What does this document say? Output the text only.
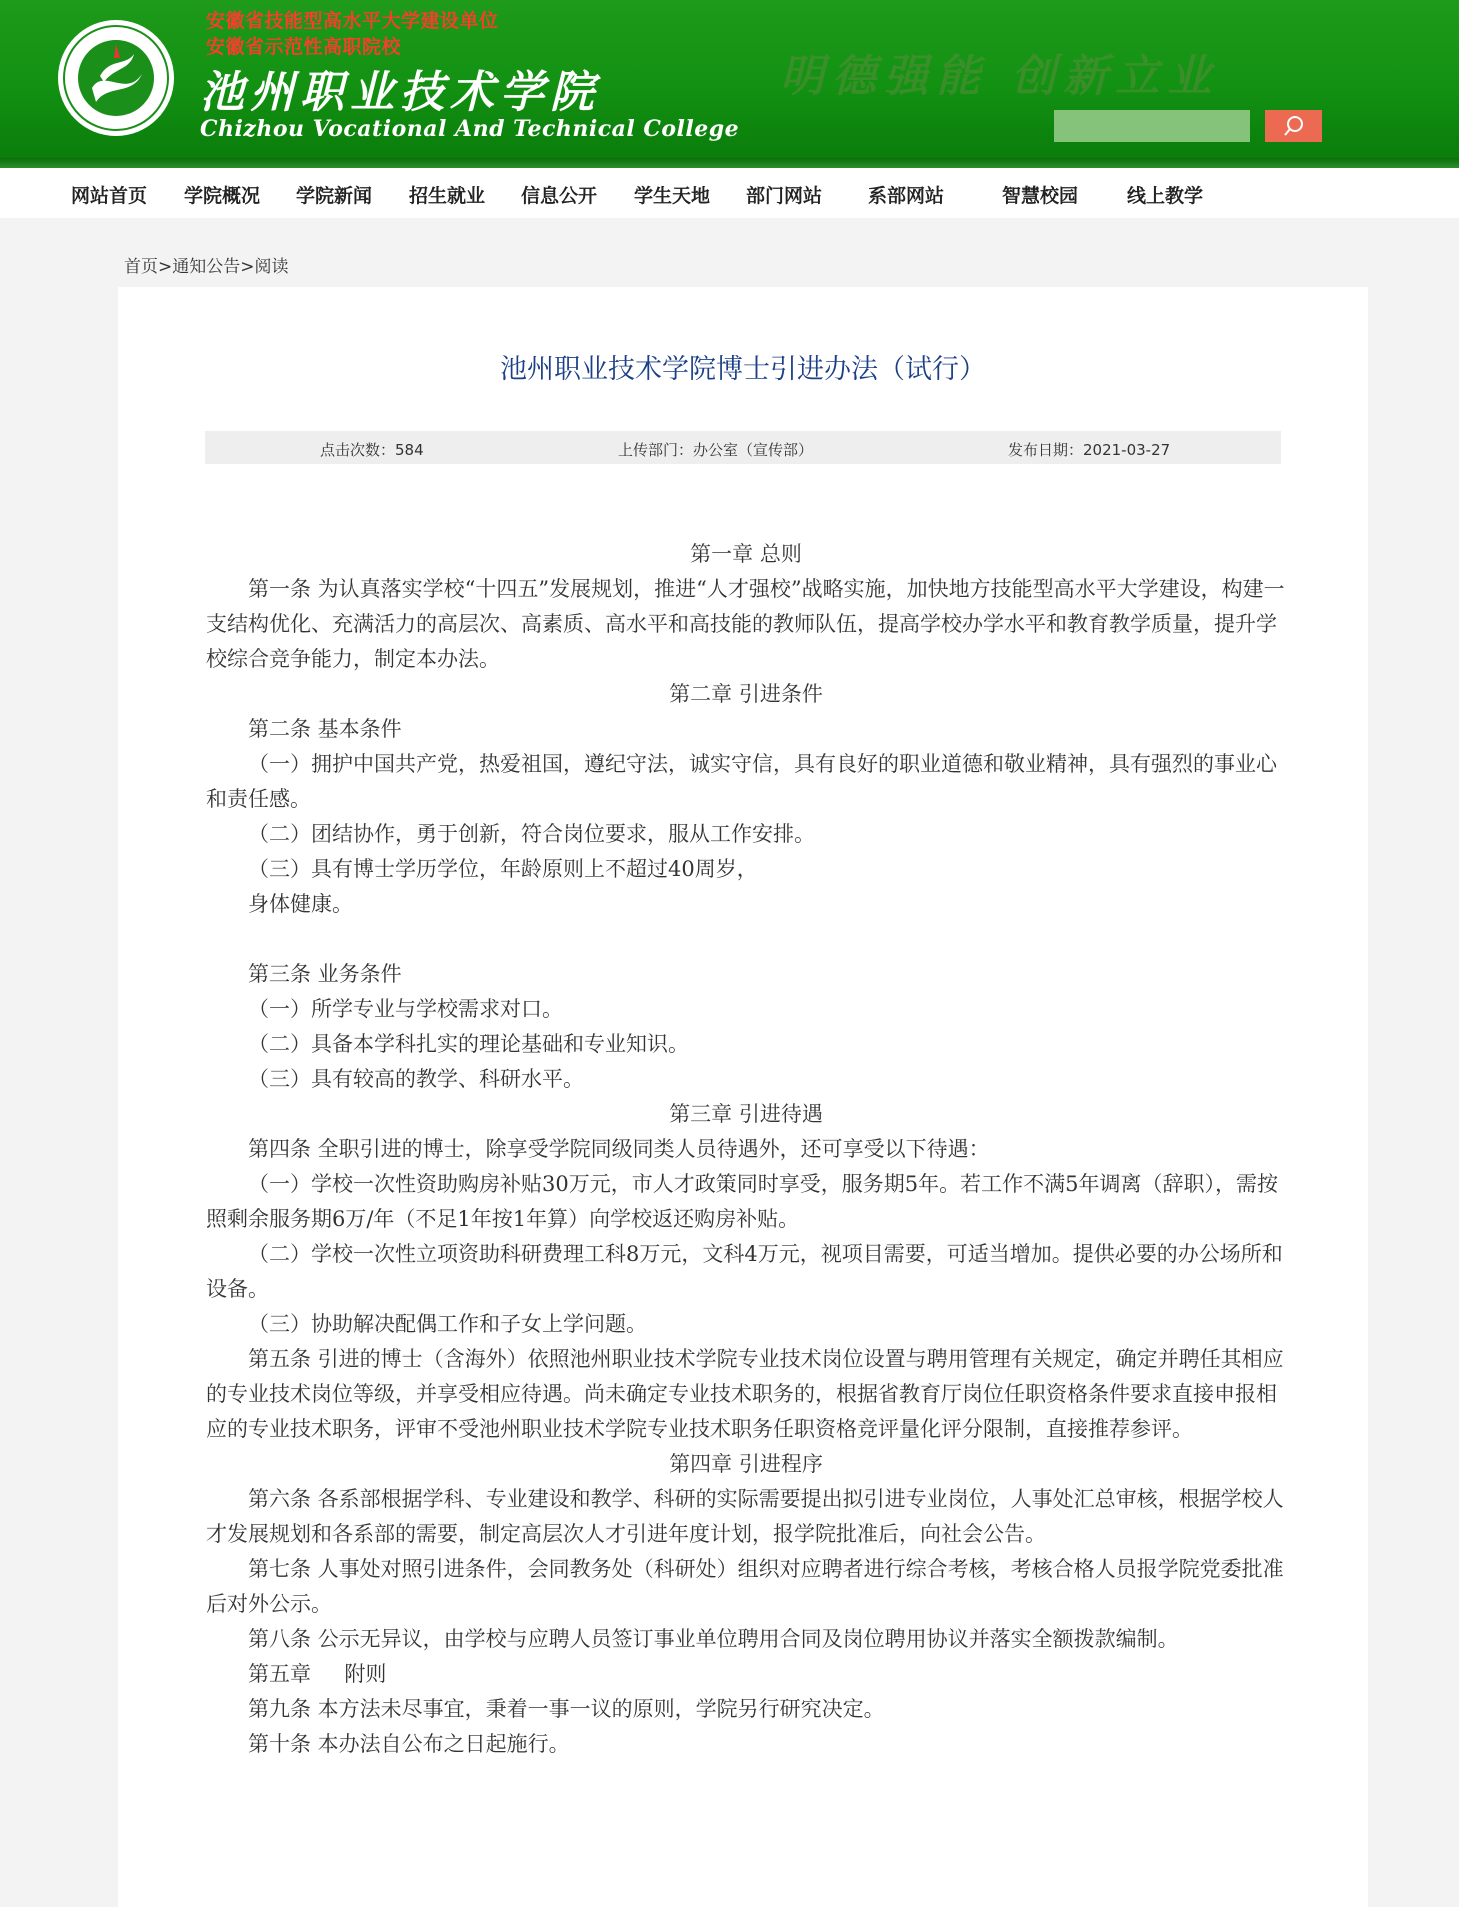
安徽省技能型高水平大学建设单位
安徽省示范性高职院校
池州职业技术学院
Chizhou Vocational And Technical College
明德强能 创新立业
网站首页 学院概况 学院新闻 招生就业 信息公开 学生天地 部门网站 系部网站	智慧校园	线上教学
首页>通知公告>阅读
池州职业技术学院博士引进办法（试行）
点击次数：584	上传部门：办公室（宣传部）	发布日期：2021-03-27

第一章 总则

第一条 为认真落实学校“十四五”发展规划，推进“人才强校”战略实施，加快地方技能型高水平大学建设，构建一支结构优化、充满活力的高层次、高素质、高水平和高技能的教师队伍，提高学校办学水平和教育教学质量，提升学校综合竞争能力，制定本办法。

第二章 引进条件

第二条 基本条件

（一）拥护中国共产党，热爱祖国，遵纪守法，诚实守信，具有良好的职业道德和敬业精神，具有强烈的事业心和责任感。

（二）团结协作，勇于创新，符合岗位要求，服从工作安排。

（三）具有博士学历学位，年龄原则上不超过40周岁，

身体健康。

第三条 业务条件

（一）所学专业与学校需求对口。

（二）具备本学科扎实的理论基础和专业知识。

（三）具有较高的教学、科研水平。

第三章 引进待遇

第四条 全职引进的博士，除享受学院同级同类人员待遇外，还可享受以下待遇：

（一）学校一次性资助购房补贴30万元，市人才政策同时享受，服务期5年。若工作不满5年调离（辞职），需按照剩余服务期6万/年（不足1年按1年算）向学校返还购房补贴。

（二）学校一次性立项资助科研费理工科8万元，文科4万元，视项目需要，可适当增加。提供必要的办公场所和设备。

（三）协助解决配偶工作和子女上学问题。

第五条 引进的博士（含海外）依照池州职业技术学院专业技术岗位设置与聘用管理有关规定，确定并聘任其相应的专业技术岗位等级，并享受相应待遇。尚未确定专业技术职务的，根据省教育厅岗位任职资格条件要求直接申报相应的专业技术职务，评审不受池州职业技术学院专业技术职务任职资格竞评量化评分限制，直接推荐参评。

第四章 引进程序

第六条 各系部根据学科、专业建设和教学、科研的实际需要提出拟引进专业岗位，人事处汇总审核，根据学校人才发展规划和各系部的需要，制定高层次人才引进年度计划，报学院批准后，向社会公告。

第七条 人事处对照引进条件，会同教务处（科研处）组织对应聘者进行综合考核，考核合格人员报学院党委批准后对外公示。

第八条 公示无异议，由学校与应聘人员签订事业单位聘用合同及岗位聘用协议并落实全额拨款编制。

第五章     附则

第九条 本方法未尽事宜，秉着一事一议的原则，学院另行研究决定。

第十条 本办法自公布之日起施行。
